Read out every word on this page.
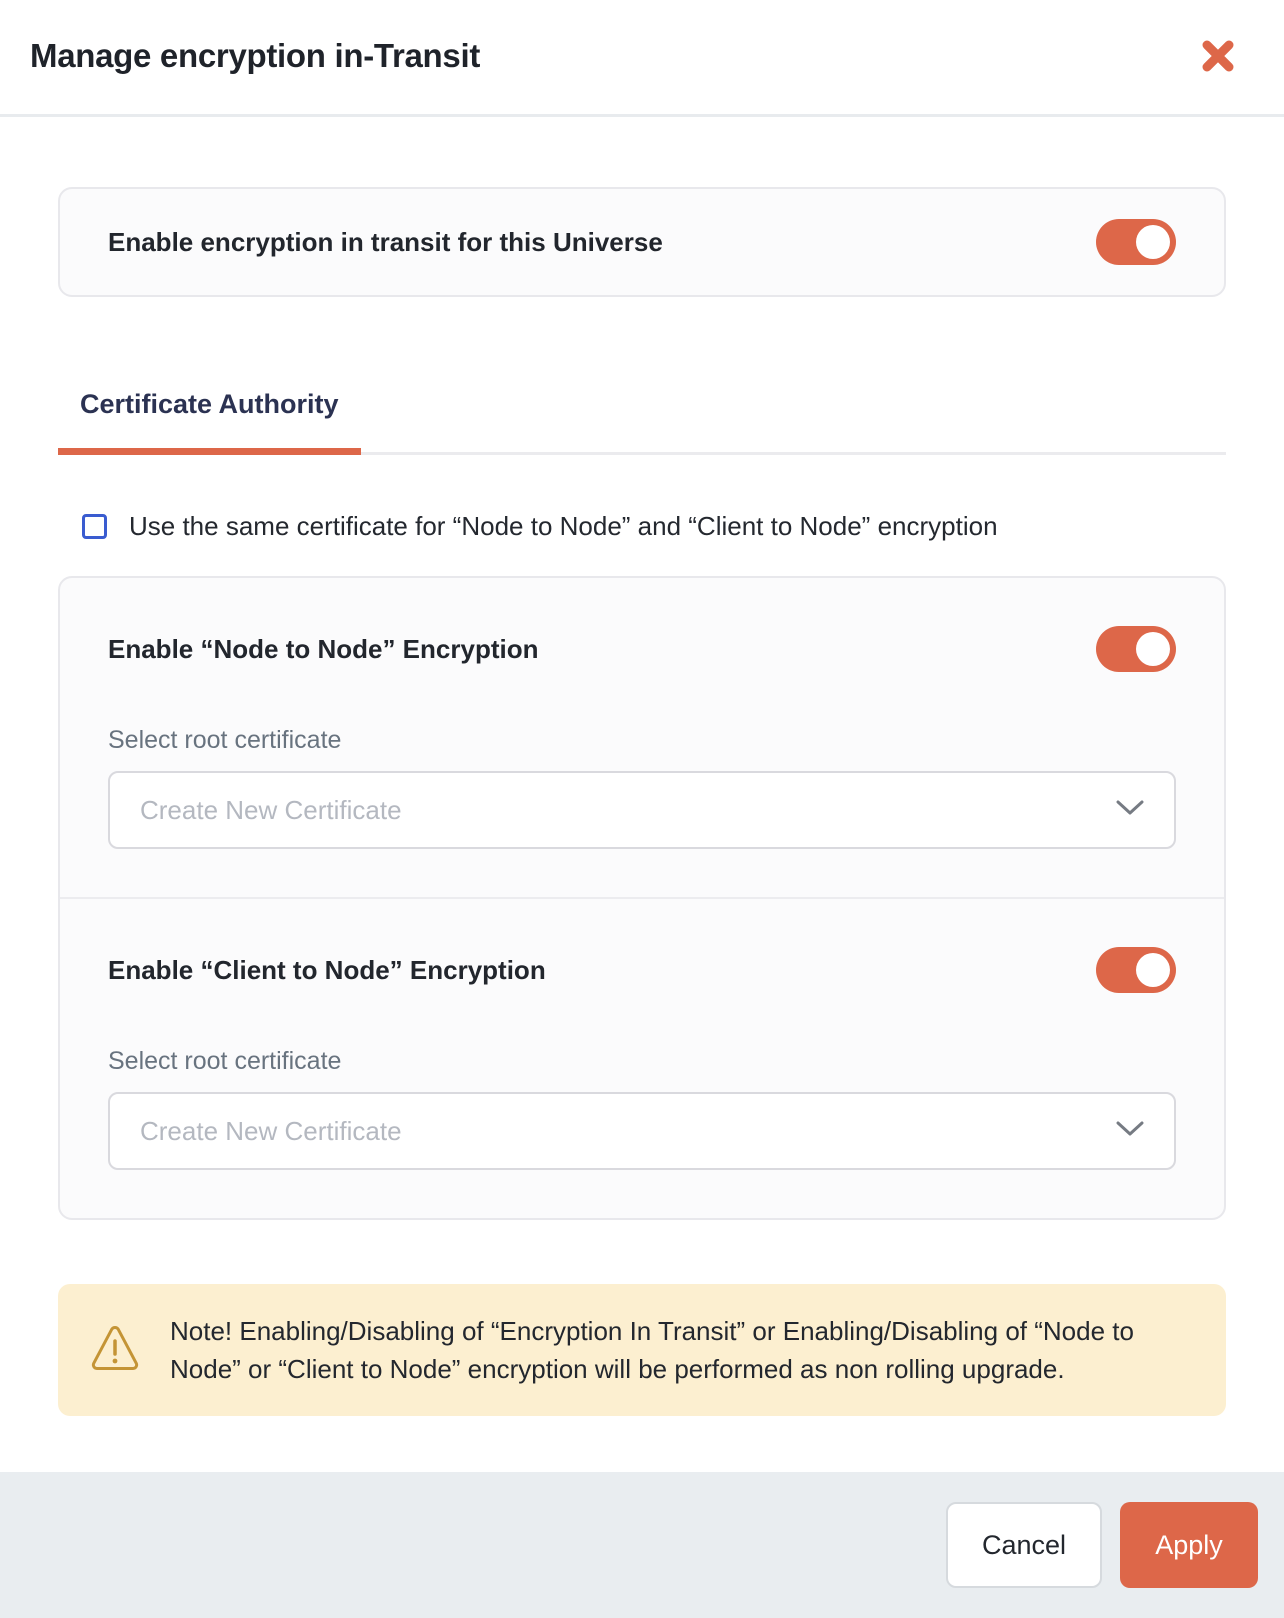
Manage encryption in-Transit
Enable encryption in transit for this Universe
Certificate Authority
Use the same certificate for “Node to Node” and “Client to Node” encryption
Enable “Node to Node” Encryption
Select root certificate
Create New Certificate
Enable “Client to Node” Encryption
Select root certificate
Create New Certificate
Note! Enabling/Disabling of “Encryption In Transit” or Enabling/Disabling of “Node to Node” or “Client to Node” encryption will be performed as non rolling upgrade.
Cancel	Apply
